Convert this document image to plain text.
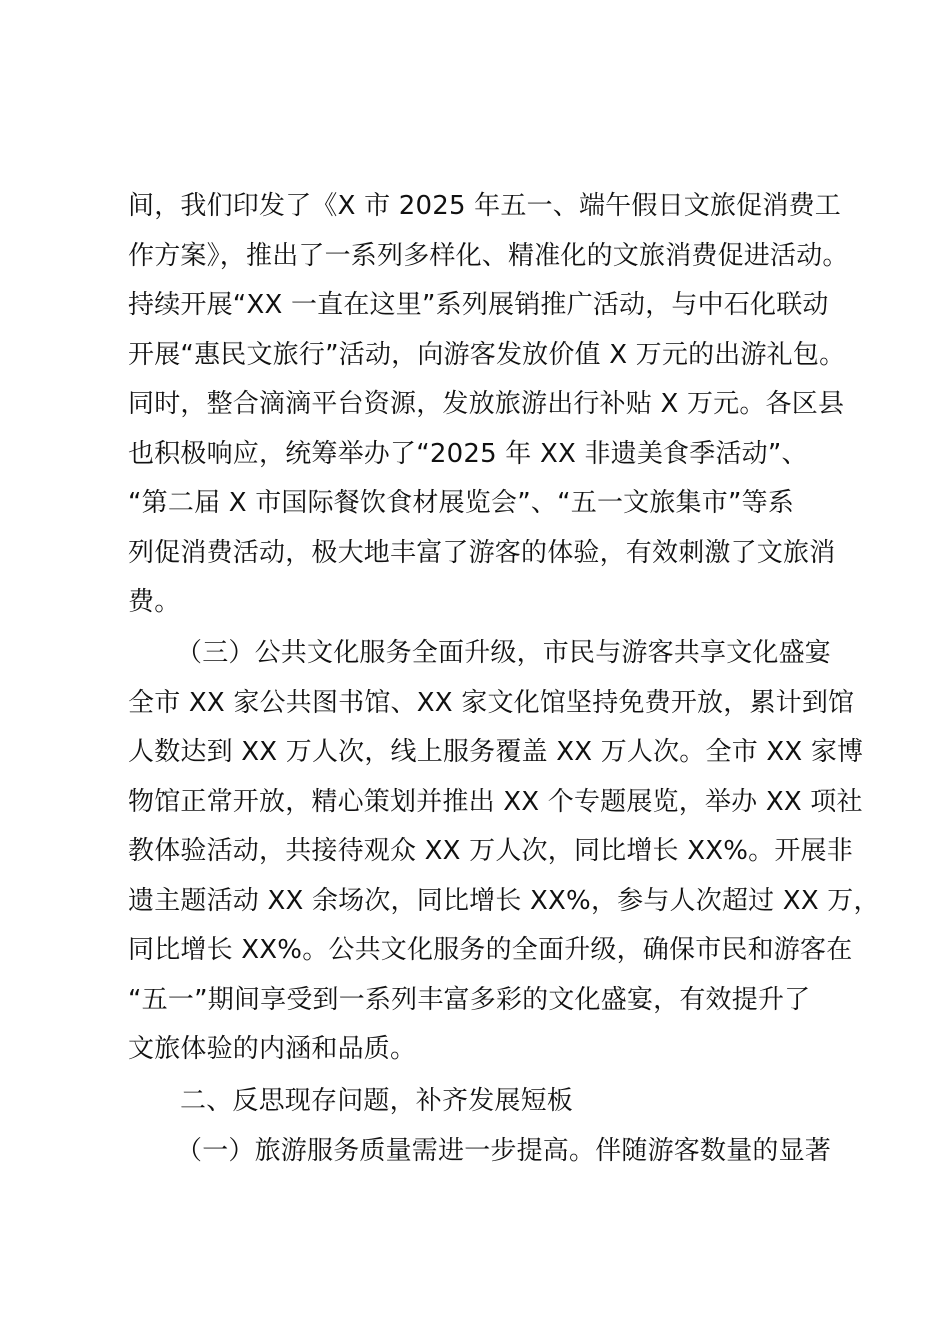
间，我们印发了《X 市 2025 年五一、端午假日文旅促消费工
作方案》，推出了一系列多样化、精准化的文旅消费促进活动。
持续开展“XX 一直在这里”系列展销推广活动，与中石化联动
开展“惠民文旅行”活动，向游客发放价值 X 万元的出游礼包。
同时，整合滴滴平台资源，发放旅游出行补贴 X 万元。各区县
也积极响应，统筹举办了“2025 年 XX 非遗美食季活动”、
“第二届 X 市国际餐饮食材展览会”、“五一文旅集市”等系
列促消费活动，极大地丰富了游客的体验，有效刺激了文旅消
费。
（三）公共文化服务全面升级，市民与游客共享文化盛宴
全市 XX 家公共图书馆、XX 家文化馆坚持免费开放，累计到馆
人数达到 XX 万人次，线上服务覆盖 XX 万人次。全市 XX 家博
物馆正常开放，精心策划并推出 XX 个专题展览，举办 XX 项社
教体验活动，共接待观众 XX 万人次，同比增长 XX%。开展非
遗主题活动 XX 余场次，同比增长 XX%，参与人次超过 XX 万，
同比增长 XX%。公共文化服务的全面升级，确保市民和游客在
“五一”期间享受到一系列丰富多彩的文化盛宴，有效提升了
文旅体验的内涵和品质。
二、反思现存问题，补齐发展短板
（一）旅游服务质量需进一步提高。伴随游客数量的显著
